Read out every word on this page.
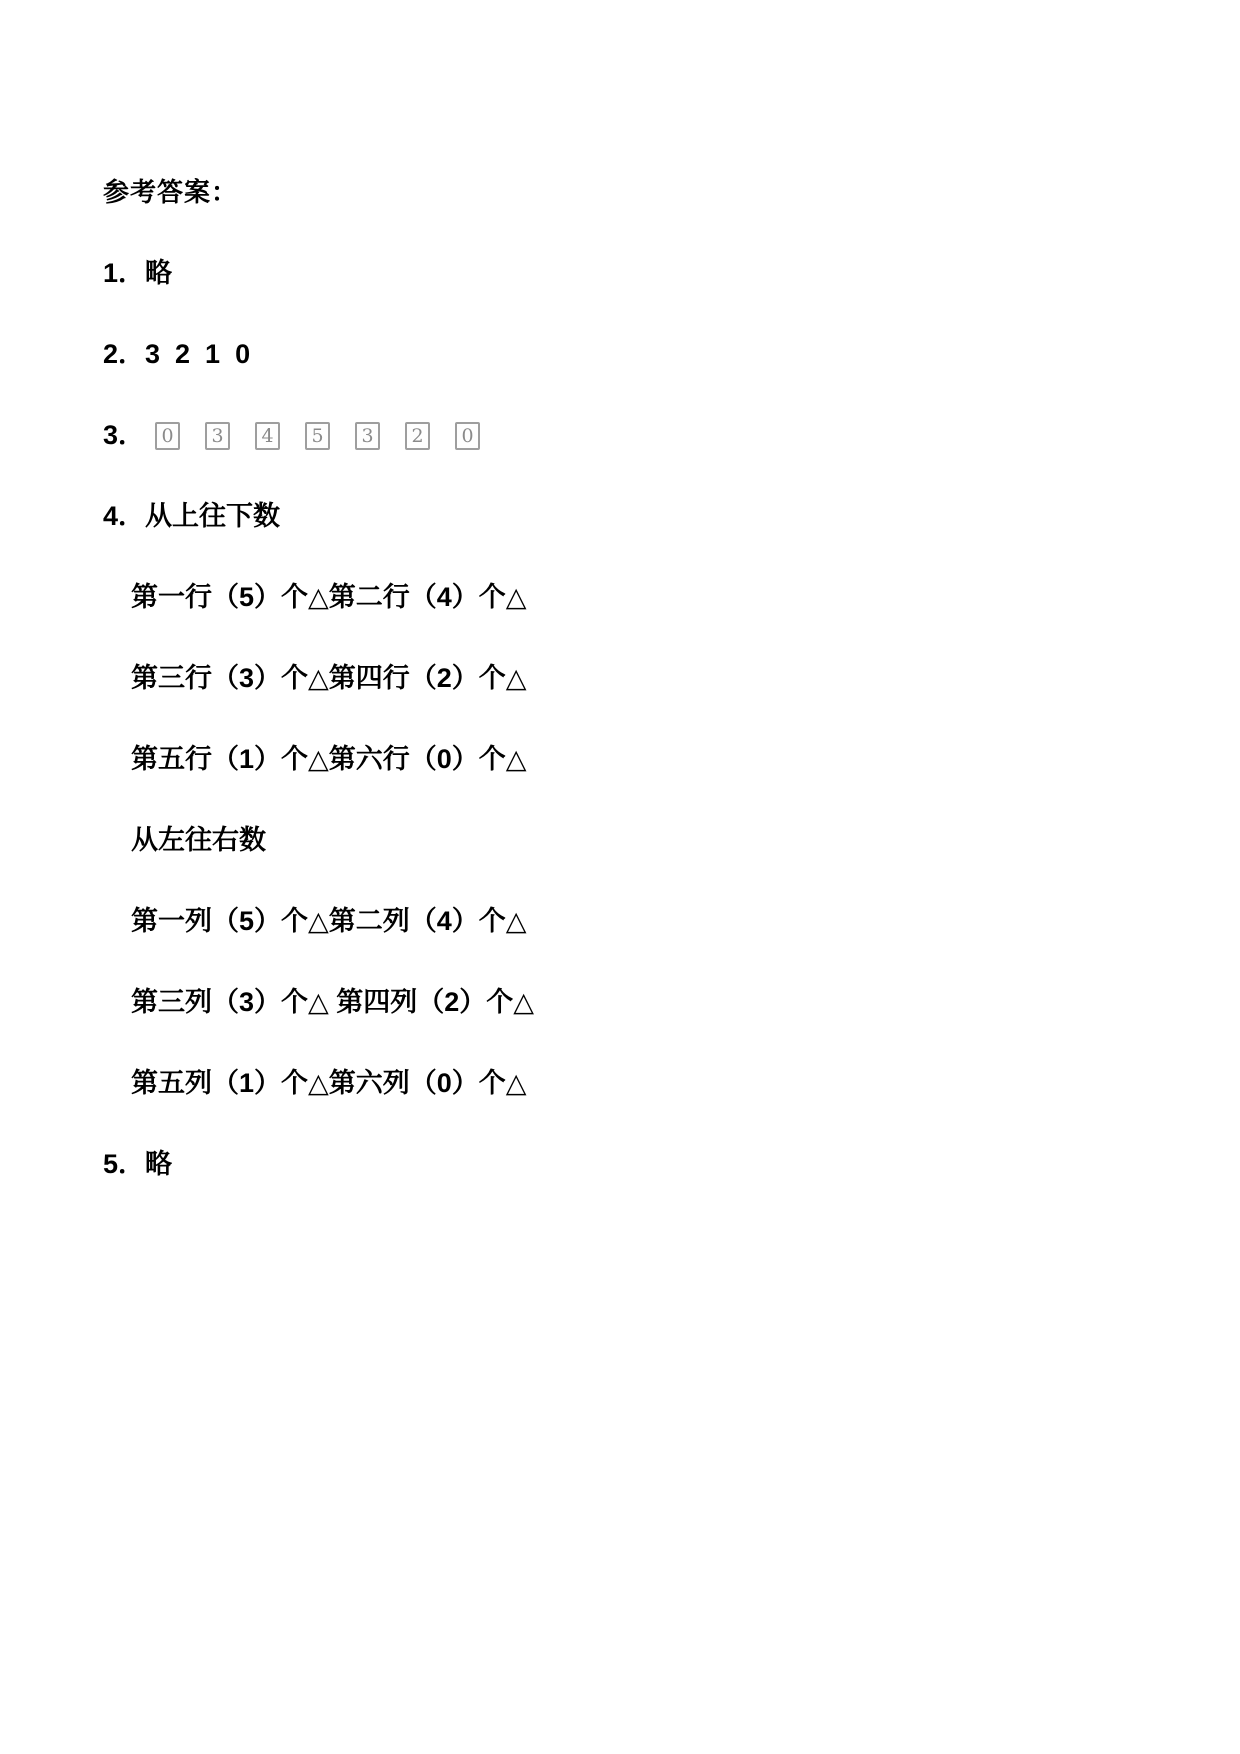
参考答案：

1．略

2．3  2  1  0

3． 0	3	4	5	3	2	0

4．从上往下数

第一行（5）个△第二行（4）个△

第三行（3）个△第四行（2）个△

第五行（1）个△第六行（0）个△

从左往右数

第一列（5）个△第二列（4）个△

第三列（3）个△ 第四列（2）个△

第五列（1）个△第六列（0）个△

5．略
